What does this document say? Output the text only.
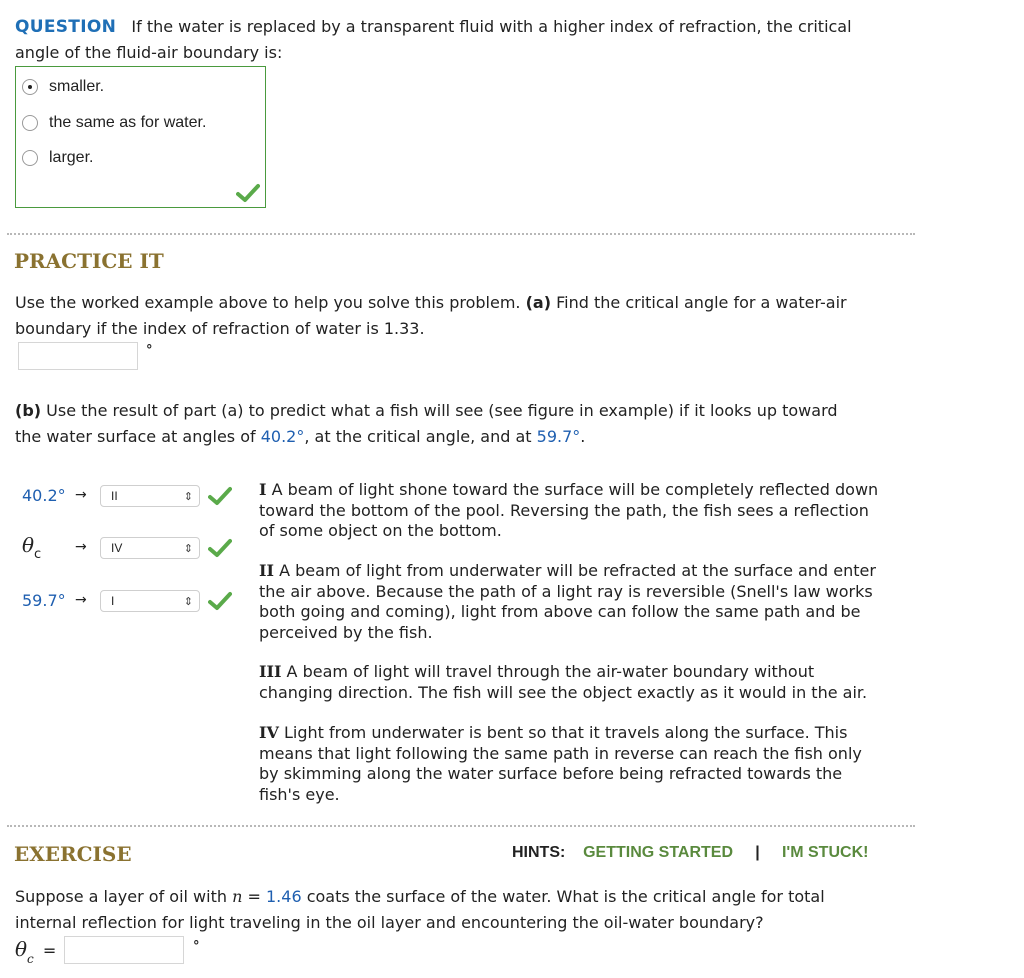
QUESTION If the water is replaced by a transparent fluid with a higher index of refraction, the critical
angle of the fluid-air boundary is:
smaller.
the same as for water.
larger.
PRACTICE IT
Use the worked example above to help you solve this problem. (a) Find the critical angle for a water-air
boundary if the index of refraction of water is 1.33.
°
(b) Use the result of part (a) to predict what a fish will see (see figure in example) if it looks up toward
the water surface at angles of 40.2°, at the critical angle, and at 59.7°.
40.2° → II	⇕
$\theta_c$ → IV	⇕
59.7° → I	⇕
I A beam of light shone toward the surface will be completely reflected down
toward the bottom of the pool. Reversing the path, the fish sees a reflection
of some object on the bottom.
II A beam of light from underwater will be refracted at the surface and enter
the air above. Because the path of a light ray is reversible (Snell's law works
both going and coming), light from above can follow the same path and be
perceived by the fish.
III A beam of light will travel through the air-water boundary without
changing direction. The fish will see the object exactly as it would in the air.
IV Light from underwater is bent so that it travels along the surface. This
means that light following the same path in reverse can reach the fish only
by skimming along the water surface before being refracted towards the
fish's eye.
EXERCISE	HINTS: GETTING STARTED | I'M STUCK!
Suppose a layer of oil with n = 1.46 coats the surface of the water. What is the critical angle for total
internal reflection for light traveling in the oil layer and encountering the oil-water boundary?
$\theta_c$ =	°
